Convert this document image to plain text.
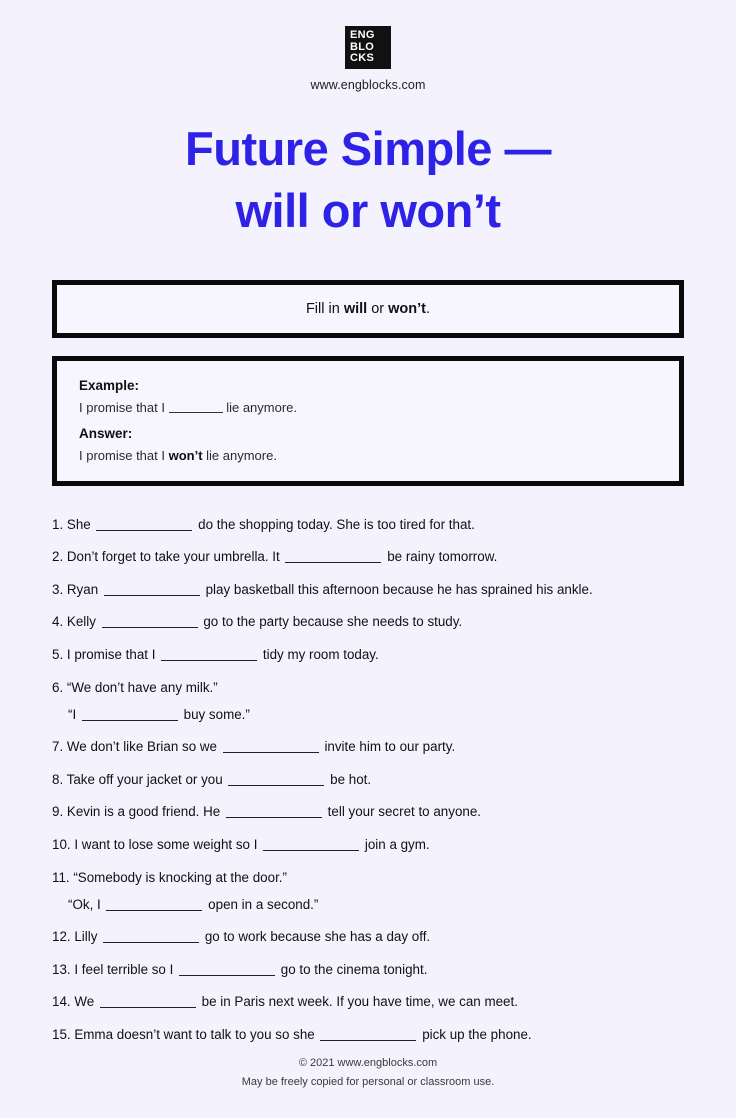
ENG
BLO
CKS
www.engblocks.com
Future Simple —
will or won’t
Fill in will or won’t.
Example:
I promise that I	lie anymore.
Answer:
I promise that I won’t lie anymore.
1. She	do the shopping today. She is too tired for that.
2. Don’t forget to take your umbrella. It	be rainy tomorrow.
3. Ryan	play basketball this afternoon because he has sprained his ankle.
4. Kelly	go to the party because she needs to study.
5. I promise that I	tidy my room today.
6. “We don’t have any milk.”
“I	buy some.”
7. We don’t like Brian so we	invite him to our party.
8. Take off your jacket or you	be hot.
9. Kevin is a good friend. He	tell your secret to anyone.
10. I want to lose some weight so I	join a gym.
11. “Somebody is knocking at the door.”
“Ok, I	open in a second.”
12. Lilly	go to work because she has a day off.
13. I feel terrible so I	go to the cinema tonight.
14. We	be in Paris next week. If you have time, we can meet.
15. Emma doesn’t want to talk to you so she	pick up the phone.
© 2021 www.engblocks.com
May be freely copied for personal or classroom use.
